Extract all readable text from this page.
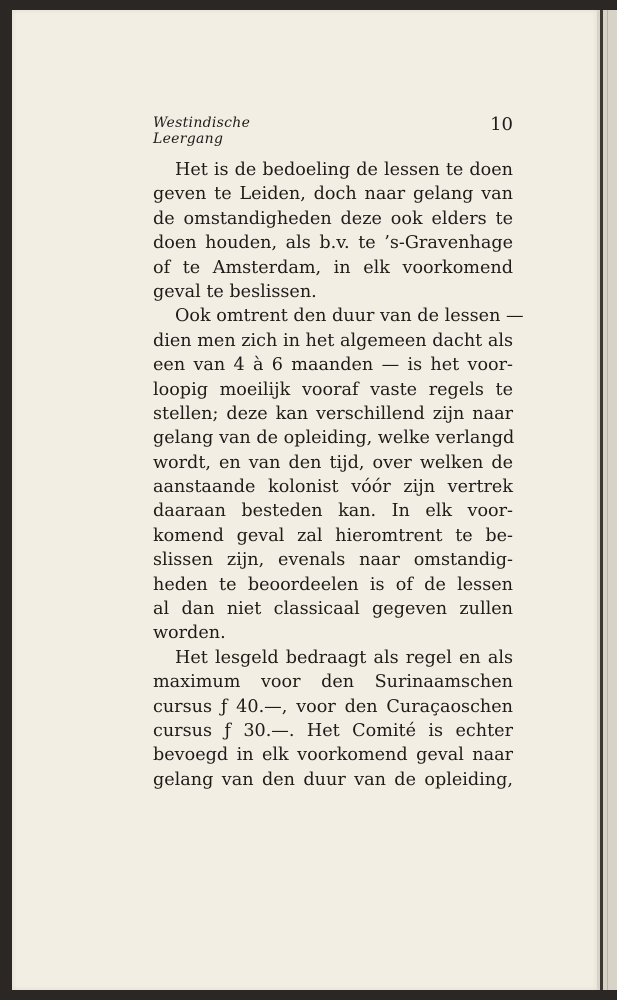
Westindische
Leergang
10

Het is de bedoeling de lessen te doen
geven te Leiden, doch naar gelang van
de omstandigheden deze ook elders te
doen houden, als b.v. te ’s-Gravenhage
of te Amsterdam, in elk voorkomend
geval te beslissen.

Ook omtrent den duur van de lessen —
dien men zich in het algemeen dacht als
een van 4 à 6 maanden — is het voor-
loopig moeilijk vooraf vaste regels te
stellen; deze kan verschillend zijn naar
gelang van de opleiding, welke verlangd
wordt, en van den tijd, over welken de
aanstaande kolonist vóór zijn vertrek
daaraan besteden kan. In elk voor-
komend geval zal hieromtrent te be-
slissen zijn, evenals naar omstandig-
heden te beoordeelen is of de lessen
al dan niet classicaal gegeven zullen
worden.

Het lesgeld bedraagt als regel en als
maximum voor den Surinaamschen
cursus ƒ 40.—, voor den Curaçaoschen
cursus ƒ 30.—. Het Comité is echter
bevoegd in elk voorkomend geval naar
gelang van den duur van de opleiding,
